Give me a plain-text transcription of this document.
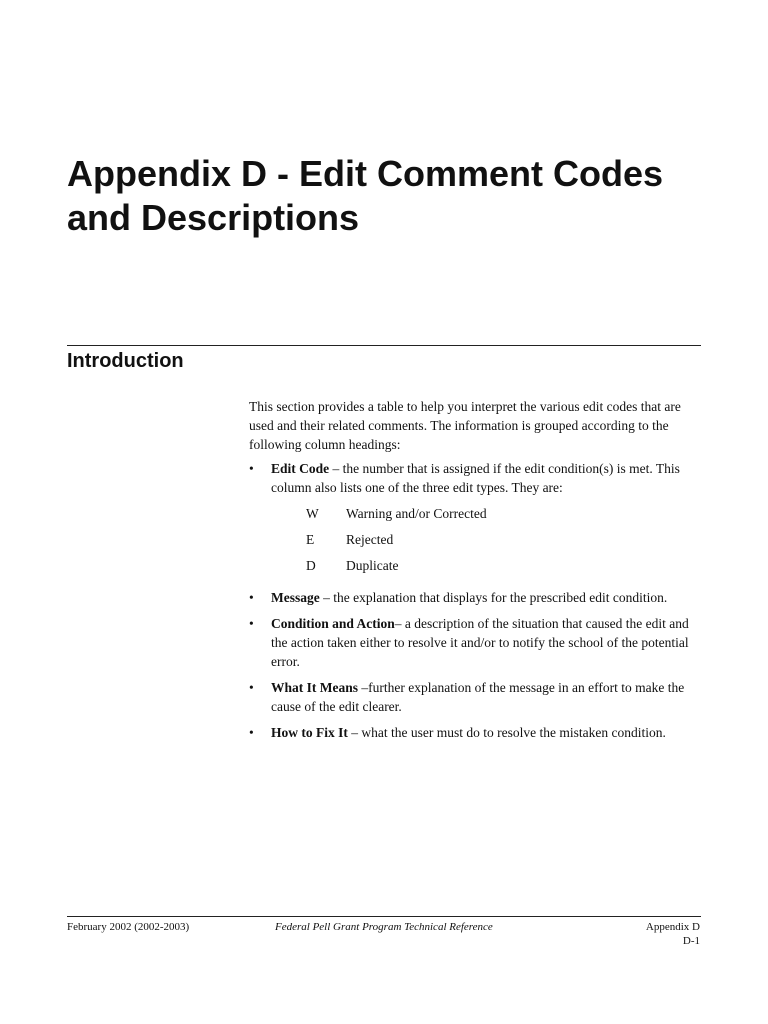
Appendix D - Edit Comment Codes and Descriptions
Introduction

This section provides a table to help you interpret the various edit codes that are used and their related comments. The information is grouped according to the following column headings:

• Edit Code – the number that is assigned if the edit condition(s) is met. This column also lists one of the three edit types. They are:
W	Warning and/or Corrected
E	Rejected
D	Duplicate
• Message – the explanation that displays for the prescribed edit condition.
• Condition and Action– a description of the situation that caused the edit and the action taken either to resolve it and/or to notify the school of the potential error.
• What It Means –further explanation of the message in an effort to make the cause of the edit clearer.
• How to Fix It – what the user must do to resolve the mistaken condition.
February 2002 (2002-2003)	Federal Pell Grant Program Technical Reference	Appendix D
D-1
